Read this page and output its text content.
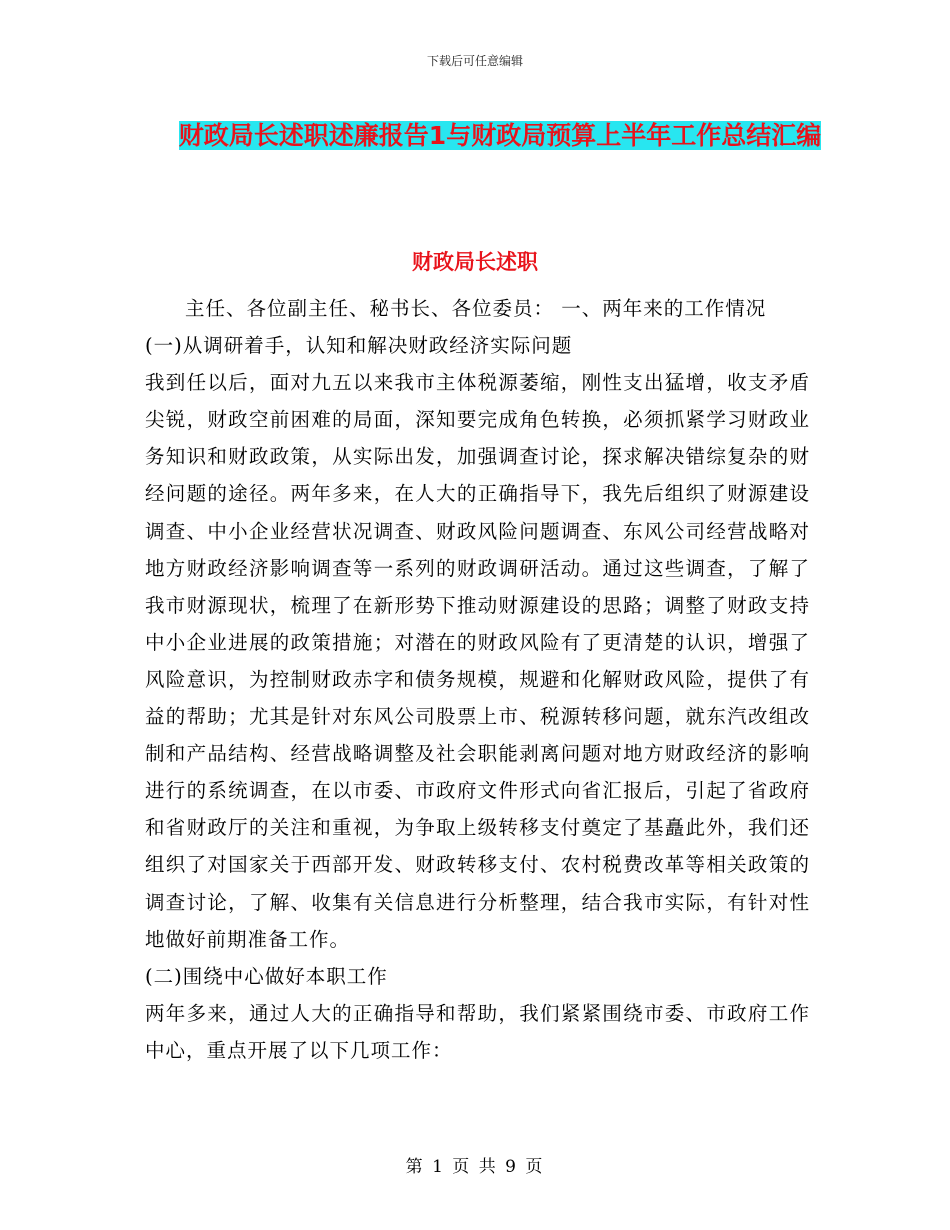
下载后可任意编辑
财政局长述职述廉报告1与财政局预算上半年工作总结汇编
财政局长述职

主任、各位副主任、秘书长、各位委员： 一、两年来的工作情况

(一)从调研着手，认知和解决财政经济实际问题

我到任以后，面对九五以来我市主体税源萎缩，刚性支出猛增，收支矛盾尖锐，财政空前困难的局面，深知要完成角色转换，必须抓紧学习财政业务知识和财政政策，从实际出发，加强调查讨论，探求解决错综复杂的财经问题的途径。两年多来，在人大的正确指导下，我先后组织了财源建设调查、中小企业经营状况调查、财政风险问题调查、东风公司经营战略对地方财政经济影响调查等一系列的财政调研活动。通过这些调查，了解了我市财源现状，梳理了在新形势下推动财源建设的思路；调整了财政支持中小企业进展的政策措施；对潜在的财政风险有了更清楚的认识，增强了风险意识，为控制财政赤字和债务规模，规避和化解财政风险，提供了有益的帮助；尤其是针对东风公司股票上市、税源转移问题，就东汽改组改制和产品结构、经营战略调整及社会职能剥离问题对地方财政经济的影响进行的系统调查，在以市委、市政府文件形式向省汇报后，引起了省政府和省财政厅的关注和重视，为争取上级转移支付奠定了基矗此外，我们还组织了对国家关于西部开发、财政转移支付、农村税费改革等相关政策的调查讨论，了解、收集有关信息进行分析整理，结合我市实际，有针对性地做好前期准备工作。

(二)围绕中心做好本职工作

两年多来，通过人大的正确指导和帮助，我们紧紧围绕市委、市政府工作中心，重点开展了以下几项工作：

第 1 页 共 9 页
